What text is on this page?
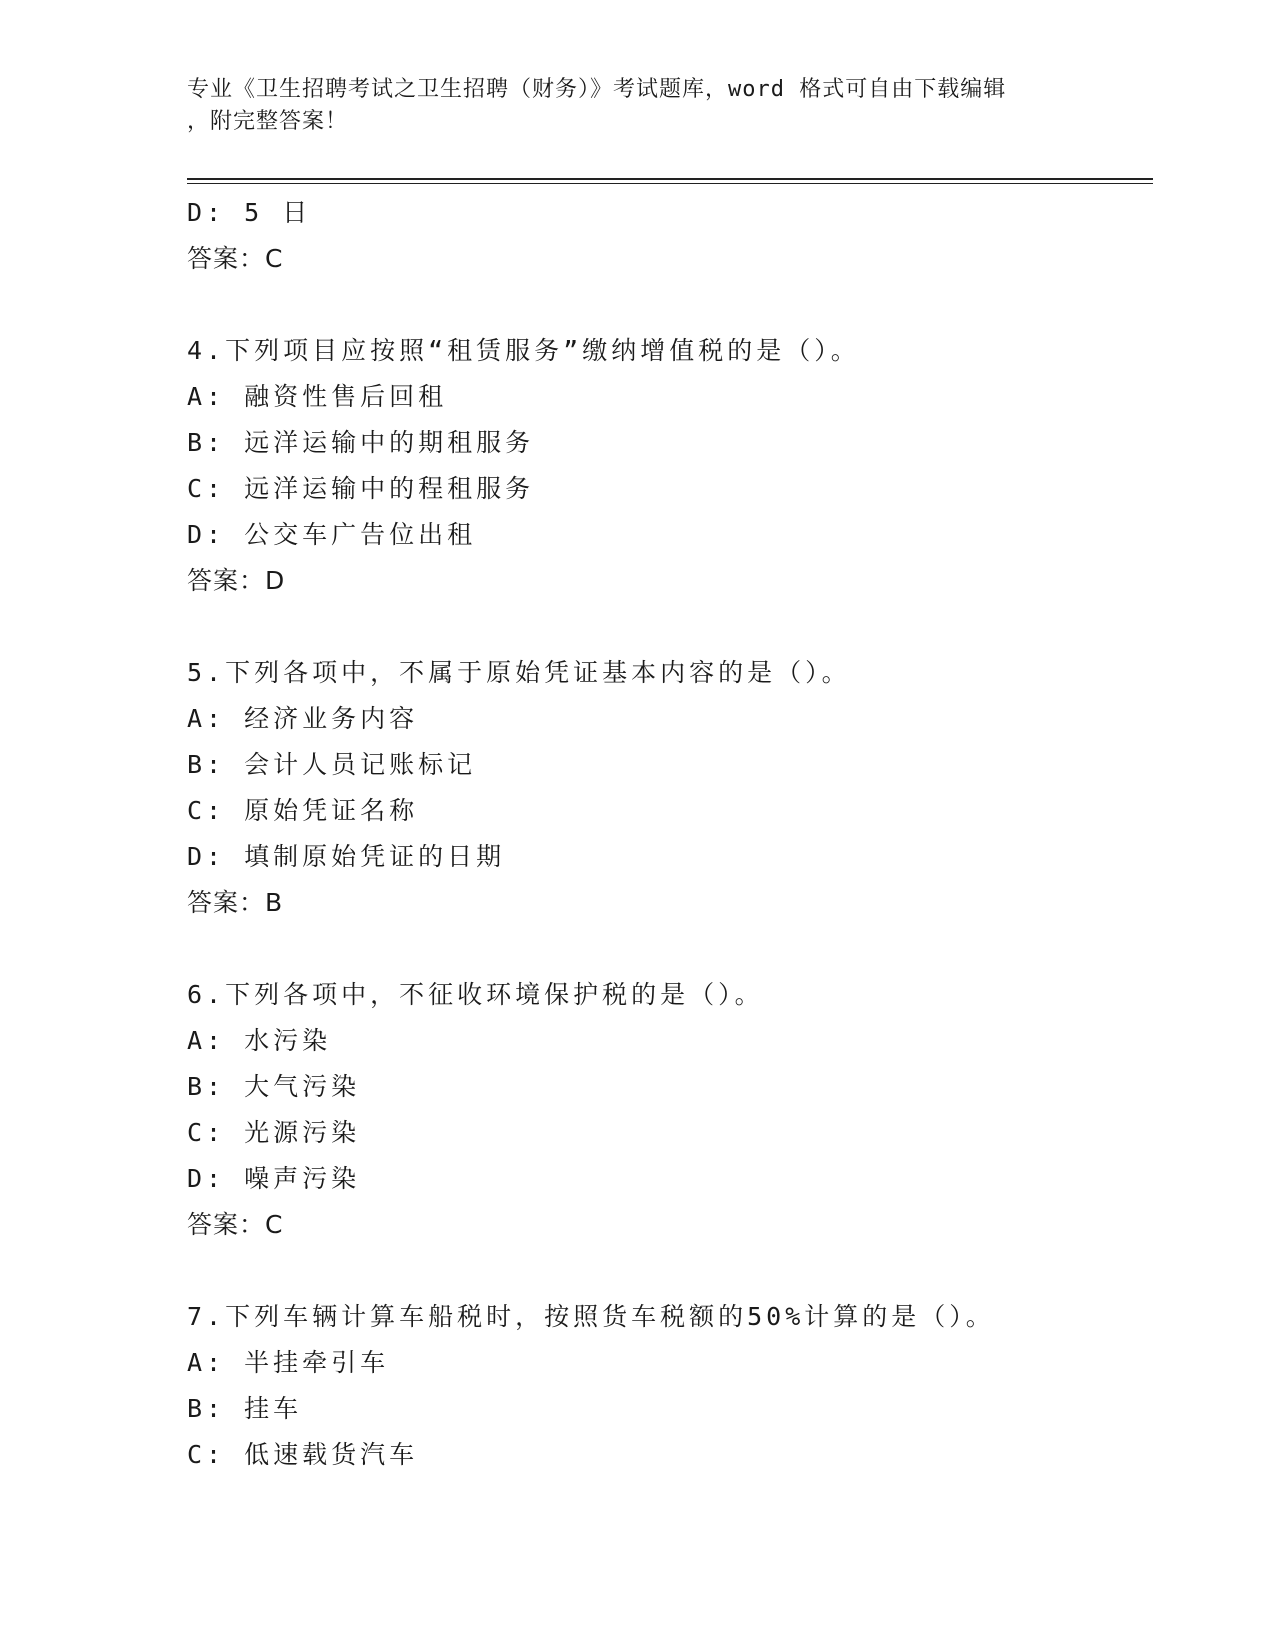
专业《卫生招聘考试之卫生招聘（财务）》考试题库，word 格式可自由下载编辑
，附完整答案！
D: 5 日
答案：C
4.下列项目应按照“租赁服务”缴纳增值税的是（）。
A: 融资性售后回租
B: 远洋运输中的期租服务
C: 远洋运输中的程租服务
D: 公交车广告位出租
答案：D
5.下列各项中，不属于原始凭证基本内容的是（）。
A: 经济业务内容
B: 会计人员记账标记
C: 原始凭证名称
D: 填制原始凭证的日期
答案：B
6.下列各项中，不征收环境保护税的是（）。
A: 水污染
B: 大气污染
C: 光源污染
D: 噪声污染
答案：C
7.下列车辆计算车船税时，按照货车税额的50%计算的是（）。
A: 半挂牵引车
B: 挂车
C: 低速载货汽车
